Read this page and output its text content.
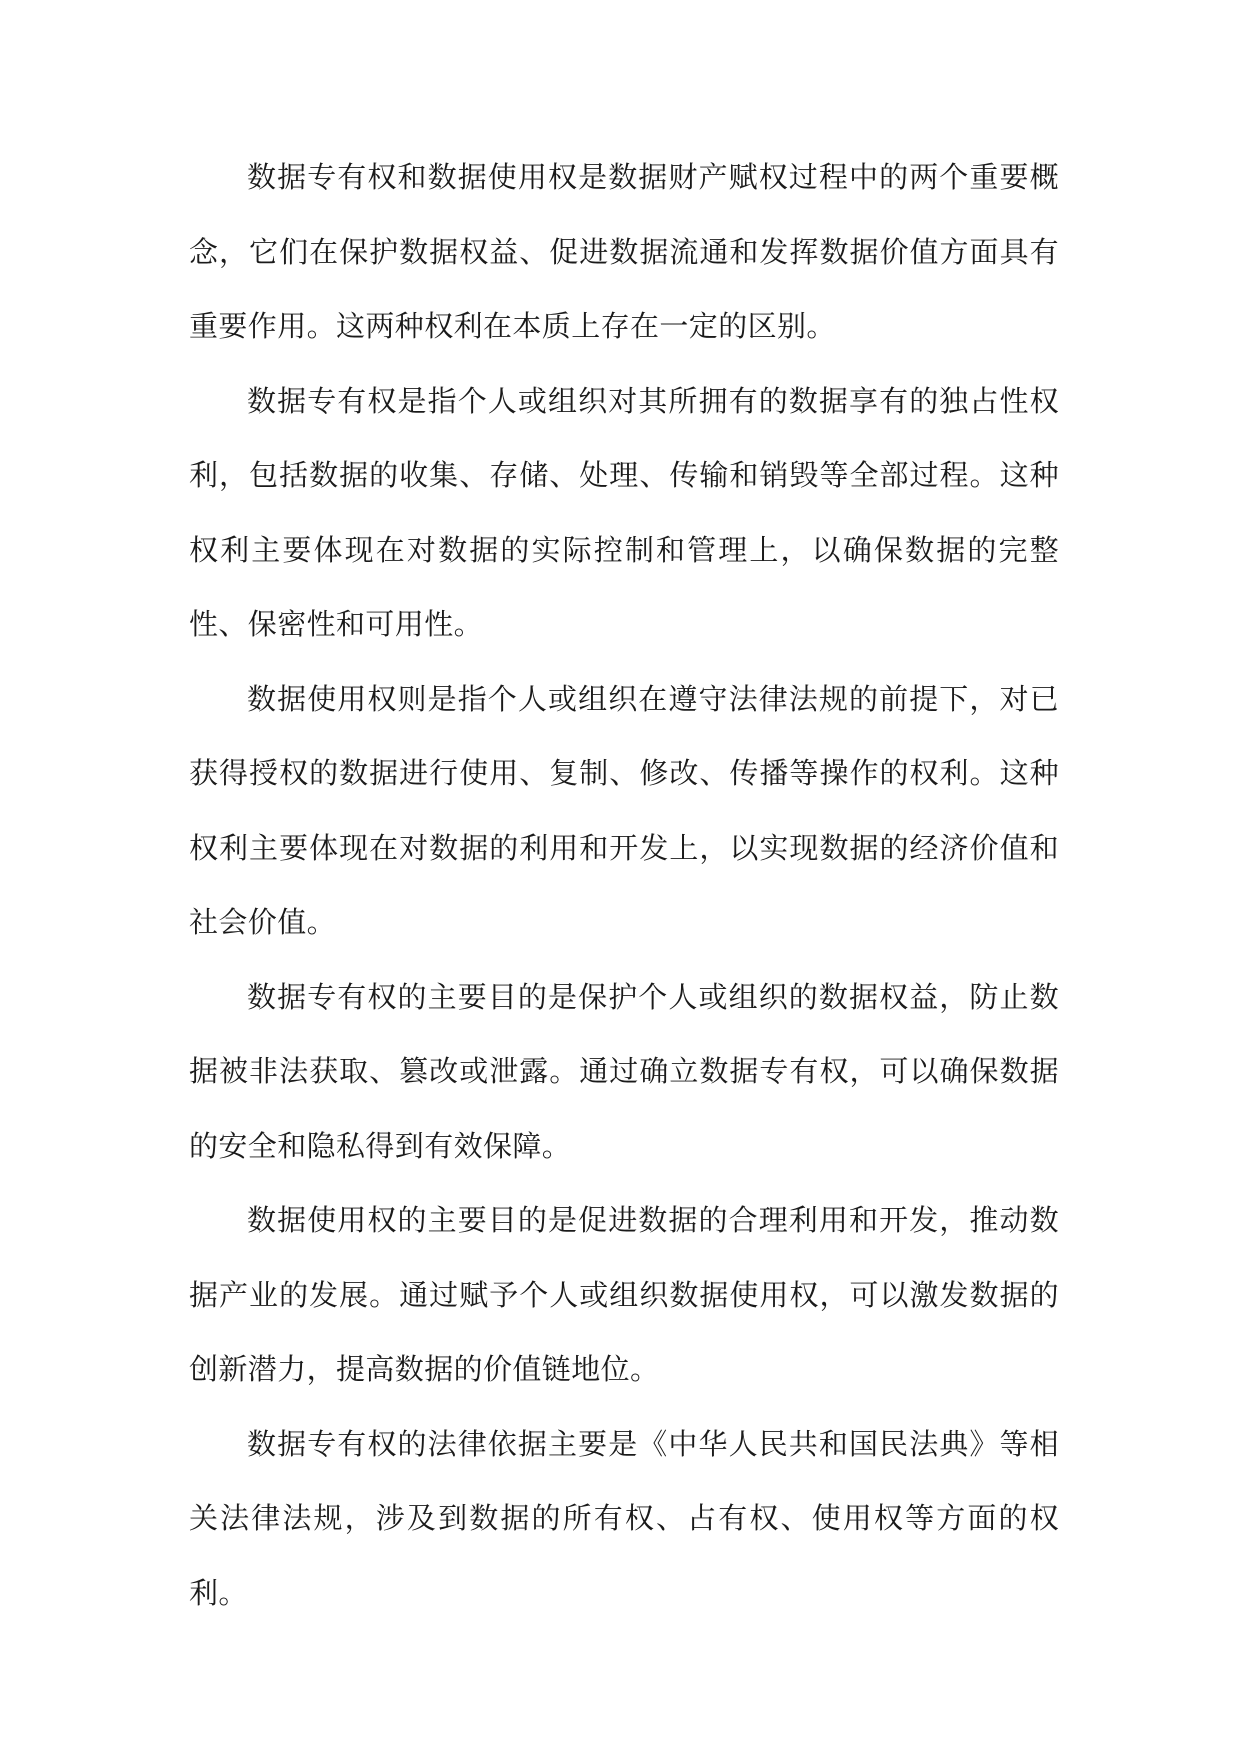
数据专有权和数据使用权是数据财产赋权过程中的两个重要概念，它们在保护数据权益、促进数据流通和发挥数据价值方面具有重要作用。这两种权利在本质上存在一定的区别。

数据专有权是指个人或组织对其所拥有的数据享有的独占性权利，包括数据的收集、存储、处理、传输和销毁等全部过程。这种权利主要体现在对数据的实际控制和管理上，以确保数据的完整性、保密性和可用性。

数据使用权则是指个人或组织在遵守法律法规的前提下，对已获得授权的数据进行使用、复制、修改、传播等操作的权利。这种权利主要体现在对数据的利用和开发上，以实现数据的经济价值和社会价值。

数据专有权的主要目的是保护个人或组织的数据权益，防止数据被非法获取、篡改或泄露。通过确立数据专有权，可以确保数据的安全和隐私得到有效保障。

数据使用权的主要目的是促进数据的合理利用和开发，推动数据产业的发展。通过赋予个人或组织数据使用权，可以激发数据的创新潜力，提高数据的价值链地位。

数据专有权的法律依据主要是《中华人民共和国民法典》等相关法律法规，涉及到数据的所有权、占有权、使用权等方面的权利。
